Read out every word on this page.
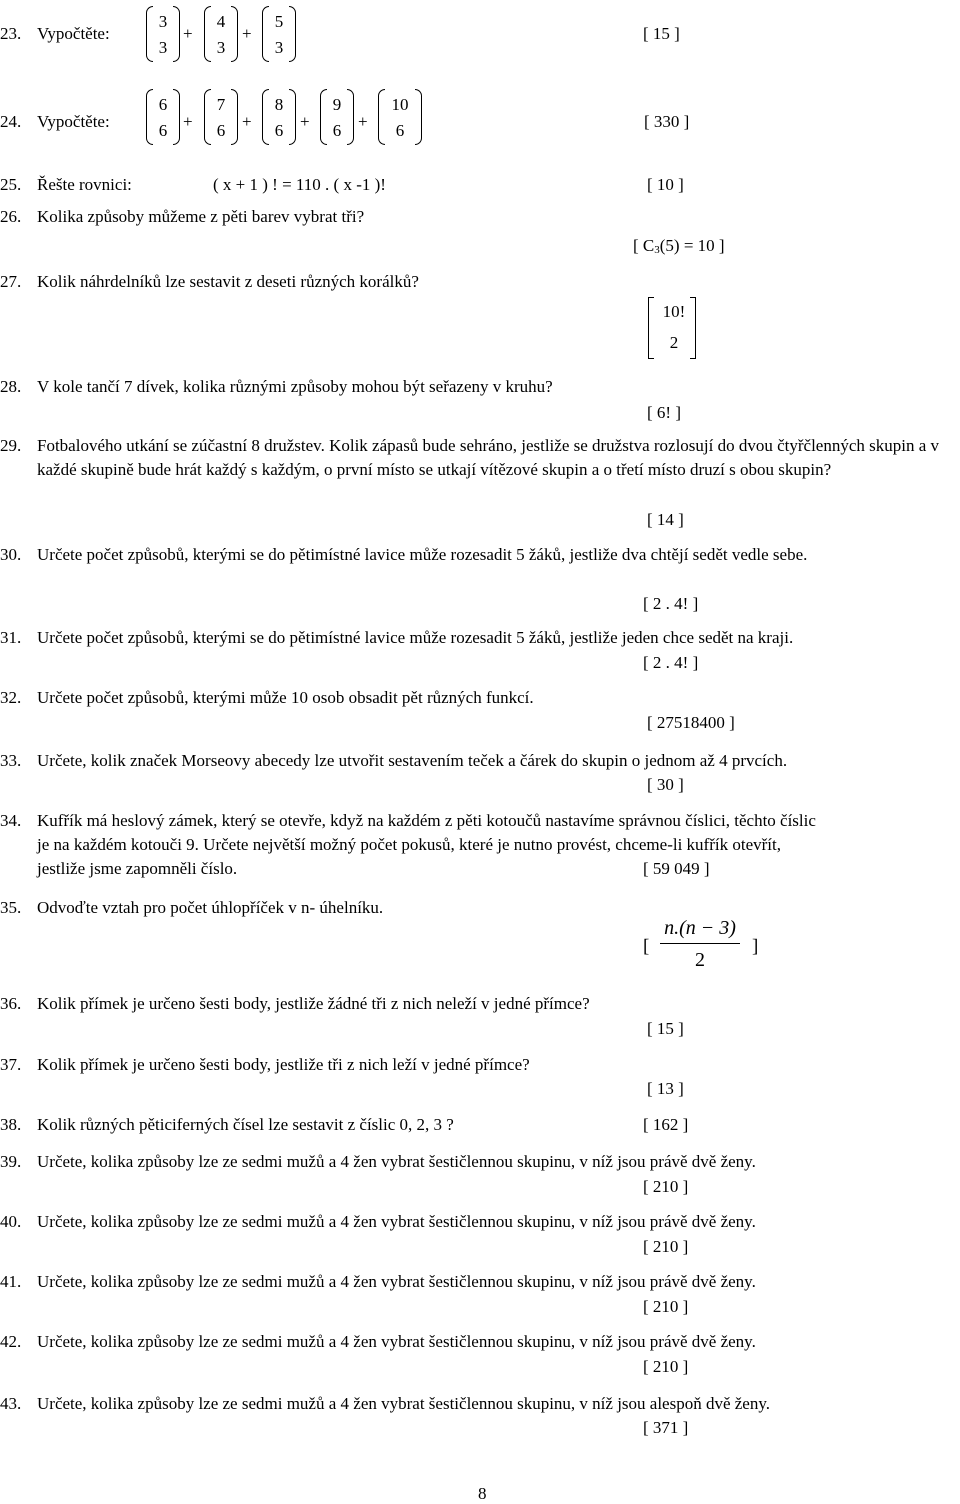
23. Vypočtěte:
3
3
+
4
3
+
5
3
[ 15 ]
24. Vypočtěte:
6
6 +
7
6 +
8
6 +
9
6 +
10
6	[ 330 ]
25. Řešte rovnici:	( x + 1 ) ! = 110 . ( x -1 )!	[ 10 ]
26. Kolika způsoby můžeme z pěti barev vybrat tři?
[ $C_3(5) = 10$ ]
27. Kolik náhrdelníků lze sestavit z deseti různých korálků?
10!
2
28. V kole tančí 7 dívek, kolika různými způsoby mohou být seřazeny v kruhu?
[ 6! ]
29. Fotbalového utkání se zúčastní 8 družstev. Kolik zápasů bude sehráno, jestliže se družstva rozlosují do dvou čtyřčlenných skupin a v každé skupině bude hrát každý s každým, o první místo se utkají vítězové skupin a o třetí místo druzí s obou skupin?
[ 14 ]
30. Určete počet způsobů, kterými se do pětimístné lavice může rozesadit 5 žáků, jestliže dva chtějí sedět vedle sebe.
[ 2 . 4! ]
31. Určete počet způsobů, kterými se do pětimístné lavice může rozesadit 5 žáků, jestliže jeden chce sedět na kraji.
[ 2 . 4! ]
32. Určete počet způsobů, kterými může 10 osob obsadit pět různých funkcí.
[ 27518400 ]
33. Určete, kolik značek Morseovy abecedy lze utvořit sestavením teček a čárek do skupin o jednom až 4 prvcích.
[ 30 ]
34. Kufřík má heslový zámek, který se otevře, když na každém z pěti kotoučů nastavíme správnou číslici, těchto číslic
je na každém kotouči 9. Určete největší možný počet pokusů, které je nutno provést, chceme-li kufřík otevřít,
jestliže jsme zapomněli číslo.	[ 59 049 ]
35. Odvoďte vztah pro počet úhlopříček v n- úhelníku.
[
n.(n − 3)
2
]
36. Kolik přímek je určeno šesti body, jestliže žádné tři z nich neleží v jedné přímce?
[ 15 ]
37. Kolik přímek je určeno šesti body, jestliže tři z nich leží v jedné přímce?
[ 13 ]
38. Kolik různých pěticiferných čísel lze sestavit z číslic 0, 2, 3 ?	[ 162 ]
39. Určete, kolika způsoby lze ze sedmi mužů a 4 žen vybrat šestičlennou skupinu, v níž jsou právě dvě ženy.
[ 210 ]
40. Určete, kolika způsoby lze ze sedmi mužů a 4 žen vybrat šestičlennou skupinu, v níž jsou právě dvě ženy.
[ 210 ]
41. Určete, kolika způsoby lze ze sedmi mužů a 4 žen vybrat šestičlennou skupinu, v níž jsou právě dvě ženy.
[ 210 ]
42. Určete, kolika způsoby lze ze sedmi mužů a 4 žen vybrat šestičlennou skupinu, v níž jsou právě dvě ženy.
[ 210 ]
43. Určete, kolika způsoby lze ze sedmi mužů a 4 žen vybrat šestičlennou skupinu, v níž jsou alespoň dvě ženy.
[ 371 ]
8
